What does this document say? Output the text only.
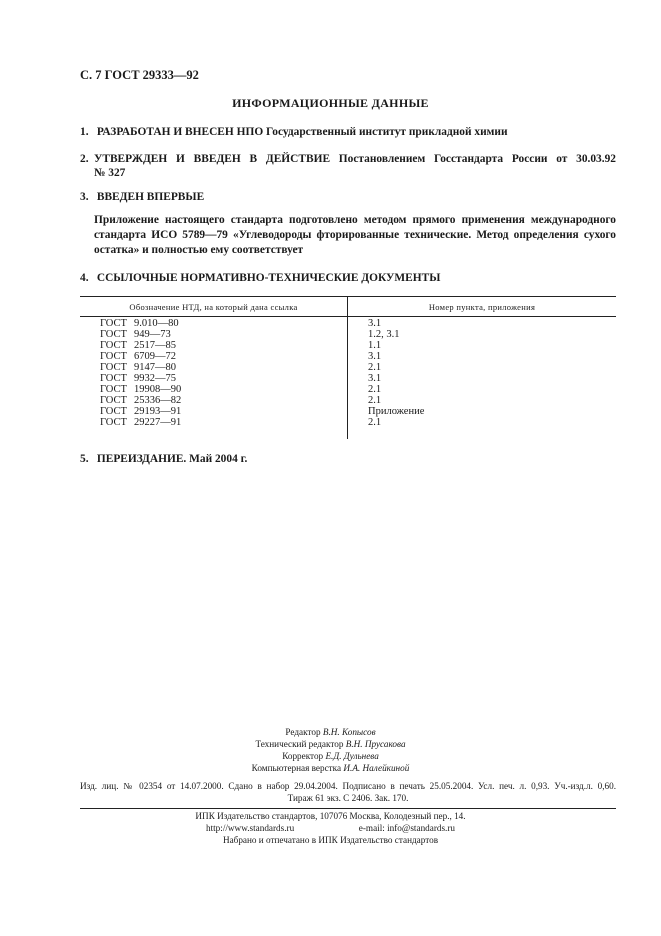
С. 7 ГОСТ 29333—92

ИНФОРМАЦИОННЫЕ ДАННЫЕ

1. РАЗРАБОТАН И ВНЕСЕН НПО Государственный институт прикладной химии

2. УТВЕРЖДЕН И ВВЕДЕН В ДЕЙСТВИЕ Постановлением Госстандарта России от 30.03.92
№ 327

3. ВВЕДЕН ВПЕРВЫЕ

Приложение настоящего стандарта подготовлено методом прямого применения международного
стандарта ИСО 5789—79 «Углеводороды фторированные технические. Метод определения сухого
остатка» и полностью ему соответствует

4. ССЫЛОЧНЫЕ НОРМАТИВНО-ТЕХНИЧЕСКИЕ ДОКУМЕНТЫ

Обозначение НТД, на который дана ссылка	Номер пункта, приложения
ГОСТ 9.010—80	3.1
ГОСТ 949—73	1.2, 3.1
ГОСТ 2517—85	1.1
ГОСТ 6709—72	3.1
ГОСТ 9147—80	2.1
ГОСТ 9932—75	3.1
ГОСТ 19908—90	2.1
ГОСТ 25336—82	2.1
ГОСТ 29193—91	Приложение
ГОСТ 29227—91	2.1

5. ПЕРЕИЗДАНИЕ. Май 2004 г.

Редактор В.Н. Копысов
Технический редактор В.Н. Прусакова
Корректор Е.Д. Дульнева
Компьютерная верстка И.А. Налейкиной
Изд. лиц. № 02354 от 14.07.2000. Сдано в набор 29.04.2004. Подписано в печать 25.05.2004. Усл. печ. л. 0,93. Уч.-изд.л. 0,60.
Тираж 61 экз. С 2406. Зак. 170.
ИПК Издательство стандартов, 107076 Москва, Колодезный пер., 14.
http://www.standards.ru	e-mail: info@standards.ru
Набрано и отпечатано в ИПК Издательство стандартов
